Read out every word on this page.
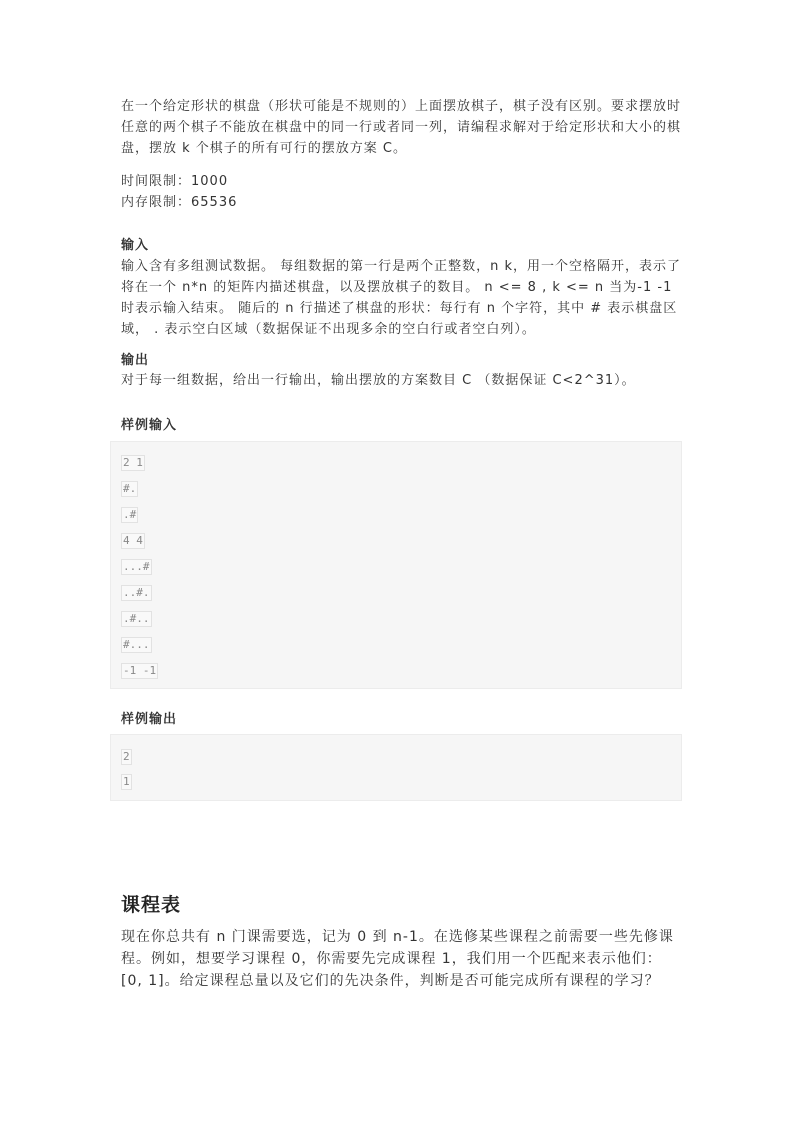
在一个给定形状的棋盘（形状可能是不规则的）上面摆放棋子，棋子没有区别。要求摆放时任意的两个棋子不能放在棋盘中的同一行或者同一列，请编程求解对于给定形状和大小的棋盘，摆放 k 个棋子的所有可行的摆放方案 C。

时间限制：1000

内存限制：65536

输入

输入含有多组测试数据。 每组数据的第一行是两个正整数，n k，用一个空格隔开，表示了将在一个 n*n 的矩阵内描述棋盘，以及摆放棋子的数目。 n <= 8 , k <= n 当为-1 -1 时表示输入结束。 随后的 n 行描述了棋盘的形状：每行有 n 个字符，其中 # 表示棋盘区域， . 表示空白区域（数据保证不出现多余的空白行或者空白列）。

输出

对于每一组数据，给出一行输出，输出摆放的方案数目 C （数据保证 C<2^31）。

样例输入

2 1
#.
.#
4 4
...#
..#.
.#..
#...
-1 -1

样例输出

2
1
课程表

现在你总共有 n 门课需要选，记为 0 到 n-1。在选修某些课程之前需要一些先修课程。例如，想要学习课程 0，你需要先完成课程 1，我们用一个匹配来表示他们：[0, 1]。给定课程总量以及它们的先决条件，判断是否可能完成所有课程的学习？
